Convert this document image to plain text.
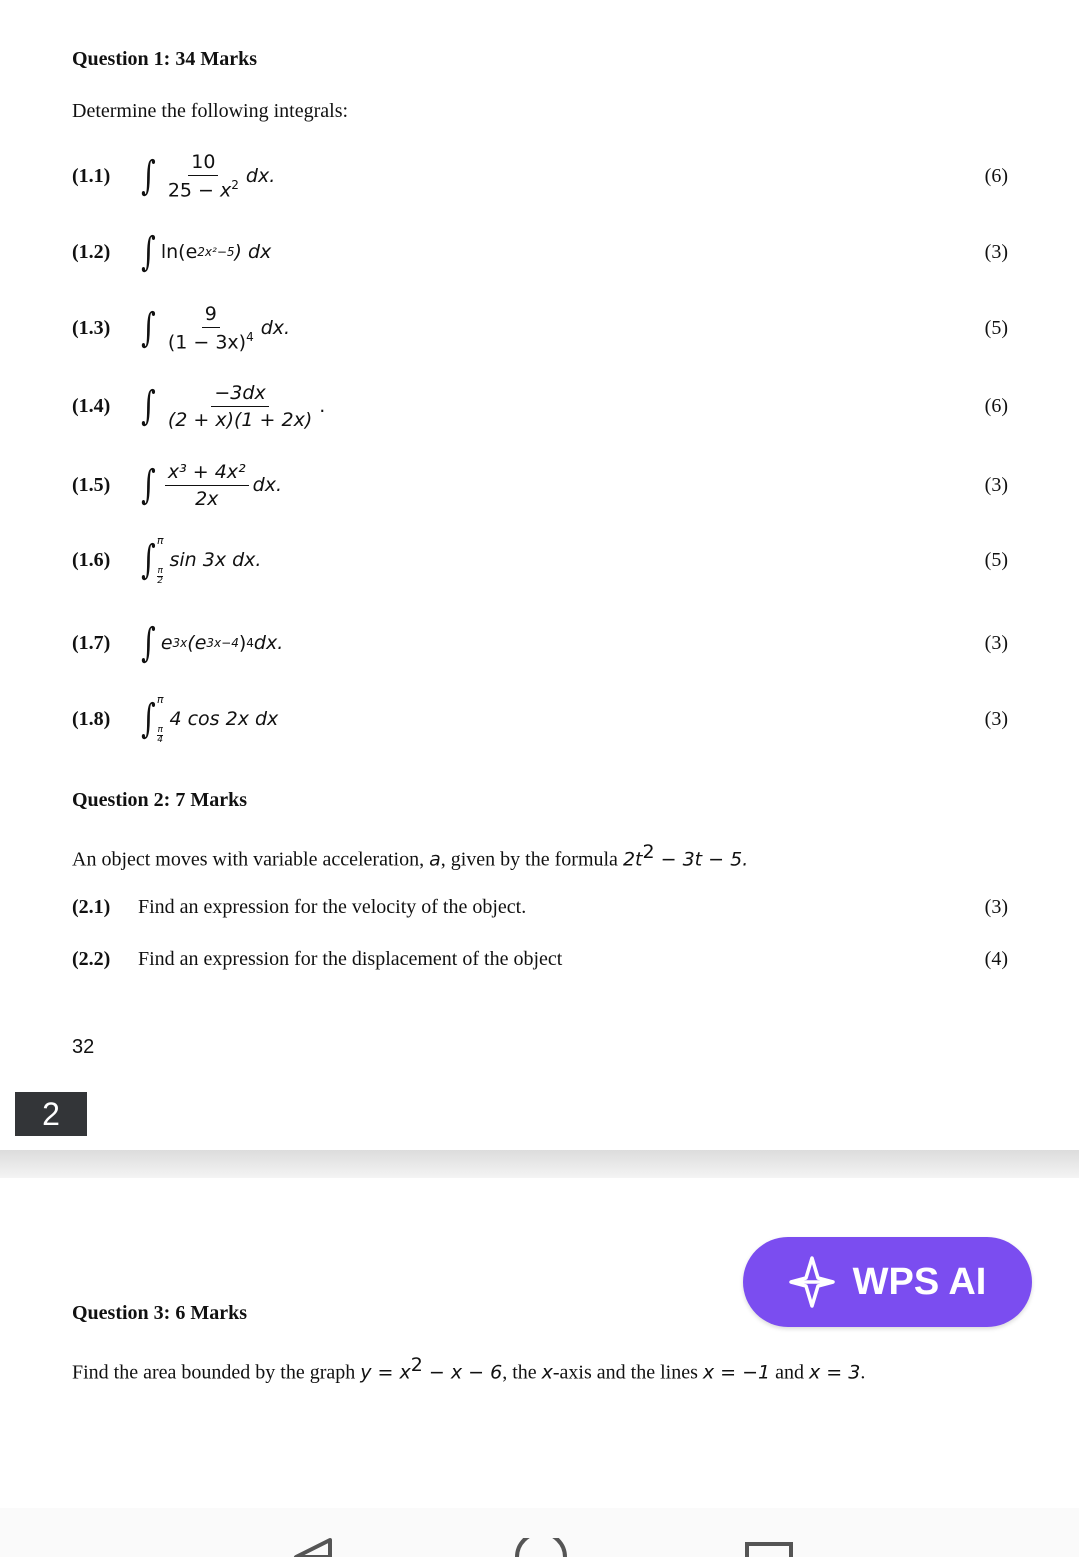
Question 1: 34 Marks
Determine the following integrals:
(1.1) ∫ $\frac{10}{25 - x^2}$ dx.	(6)
(1.2) ∫ ln(e 2x²−5 ) dx	(3)
(1.3) ∫ $\frac{9}{(1 - 3x)^4}$ dx.	(5)
(1.4) ∫ $\frac{-3dx}{(2 + x)(1 + 2x)}$ .	(6)
(1.5) ∫ $\frac{\text{x³ + 4x²}}{2x}$ dx.	(3)
(1.6) ∫ π
$\frac{\pi}{2}$
sin 3x dx.	(5)
(1.7) ∫ e 3x (e 3x−4 ) 4 dx.	(3)
(1.8) ∫ π
$\frac{\pi}{4}$
4 cos 2x dx	(3)
Question 2: 7 Marks
An object moves with variable acceleration, a, given by the formula $2t^2 - 3t - 5$.
(2.1) Find an expression for the velocity of the object.	(3)
(2.2) Find an expression for the displacement of the object	(4)
32
2
Question 3: 6 Marks
Find the area bounded by the graph $y = x^2 - x - 6$, the x-axis and the lines x = −1 and x = 3.
WPS AI
